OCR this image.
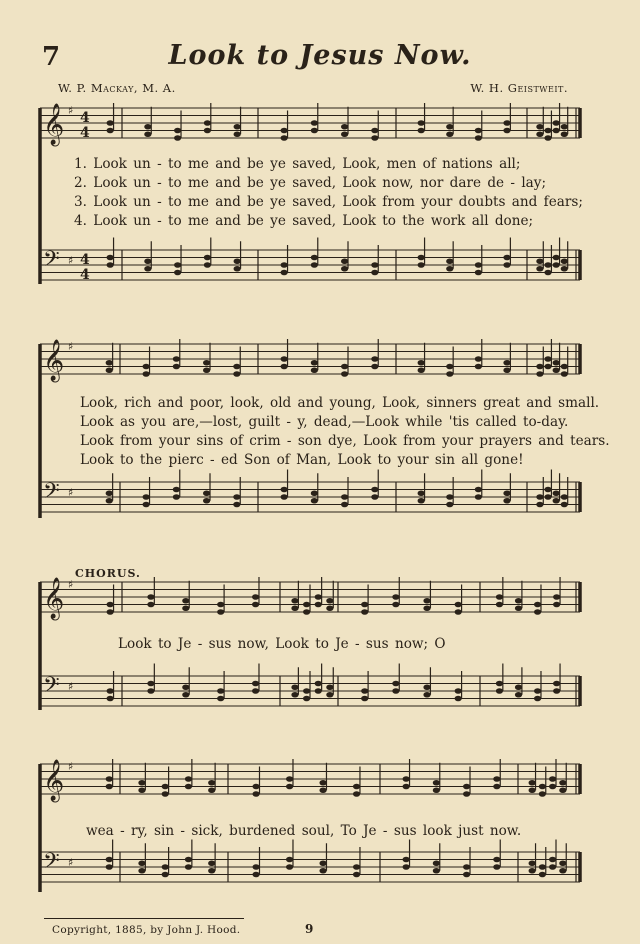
7	Look to Jesus Now.
W. P. Mackay, M. A.	W. H. Geistweit.
𝄞 ♯ 4
4
𝄢 ♯ 4
4
𝄞 ♯
𝄢 ♯
𝄞 ♯
𝄢 ♯
𝄞 ♯
𝄢 ♯
1. Look un - to me and be ye saved, Look, men of nations all;
2. Look un - to me and be ye saved, Look now, nor dare de - lay;
3. Look un - to me and be ye saved, Look from your doubts and fears;
4. Look un - to me and be ye saved, Look to the work all done;
Look, rich and poor, look, old and young, Look, sinners great and small.
Look as you are,—lost, guilt - y, dead,—Look while 'tis called to-day.
Look from your sins of crim - son dye, Look from your prayers and tears.
Look to the pierc - ed Son of Man, Look to your sin all gone!
CHORUS.
Look to Je - sus now, Look to Je - sus now; O
wea - ry, sin - sick, burdened soul, To Je - sus look just now.
Copyright, 1885, by John J. Hood.	9
